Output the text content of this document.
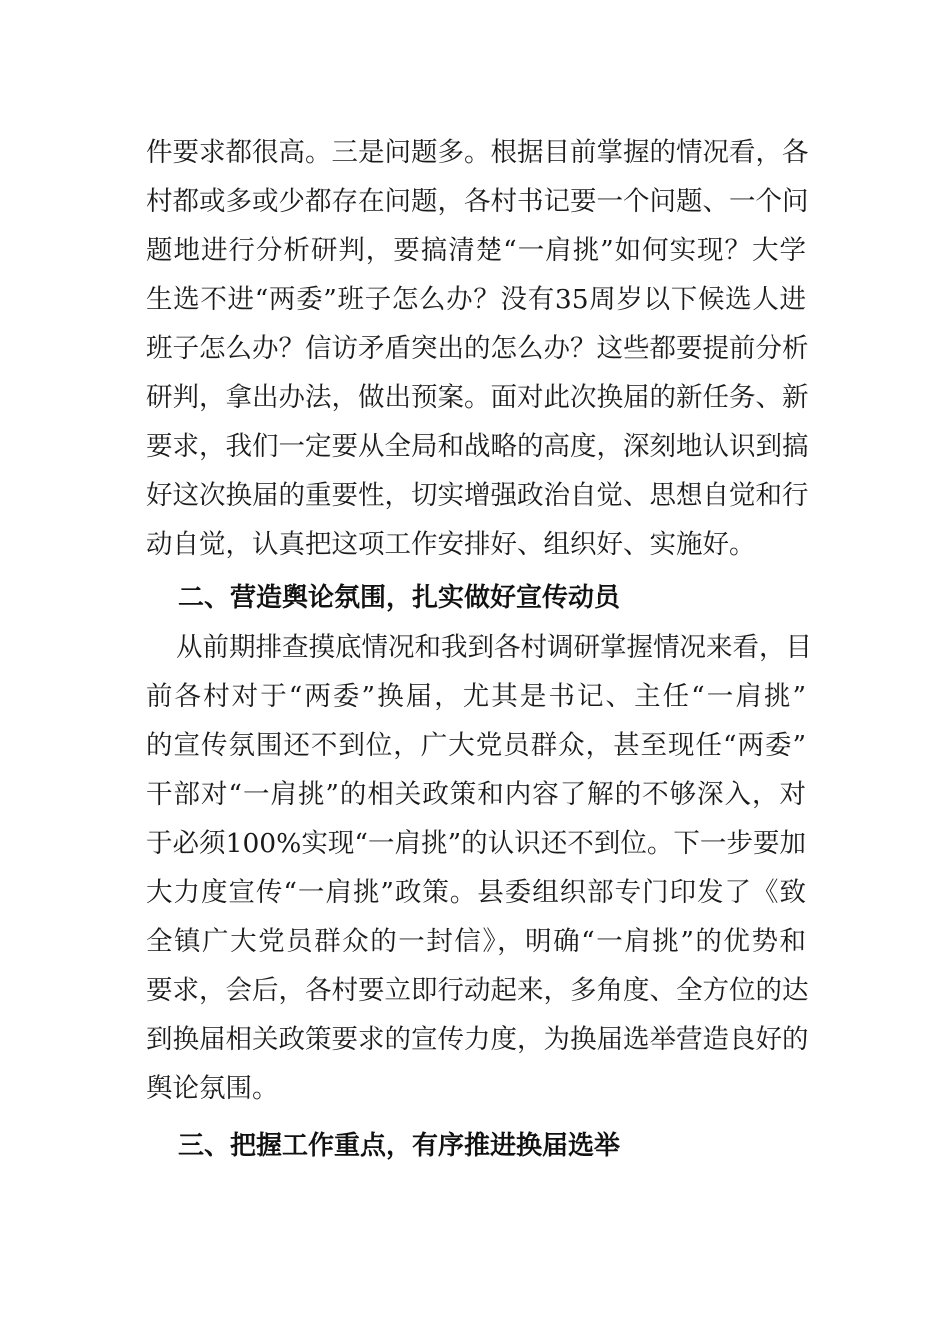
件要求都很高。三是问题多。根据目前掌握的情况看，各
村都或多或少都存在问题，各村书记要一个问题、一个问
题地进行分析研判，要搞清楚“一肩挑”如何实现？大学
生选不进“两委”班子怎么办？没有35周岁以下候选人进
班子怎么办？信访矛盾突出的怎么办？这些都要提前分析
研判，拿出办法，做出预案。面对此次换届的新任务、新
要求，我们一定要从全局和战略的高度，深刻地认识到搞
好这次换届的重要性，切实增强政治自觉、思想自觉和行
动自觉，认真把这项工作安排好、组织好、实施好。
二、营造舆论氛围，扎实做好宣传动员
从前期排查摸底情况和我到各村调研掌握情况来看，目
前各村对于“两委”换届，尤其是书记、主任“一肩挑”
的宣传氛围还不到位，广大党员群众，甚至现任“两委”
干部对“一肩挑”的相关政策和内容了解的不够深入，对
于必须100%实现“一肩挑”的认识还不到位。下一步要加
大力度宣传“一肩挑”政策。县委组织部专门印发了《致
全镇广大党员群众的一封信》，明确“一肩挑”的优势和
要求，会后，各村要立即行动起来，多角度、全方位的达
到换届相关政策要求的宣传力度，为换届选举营造良好的
舆论氛围。
三、把握工作重点，有序推进换届选举
